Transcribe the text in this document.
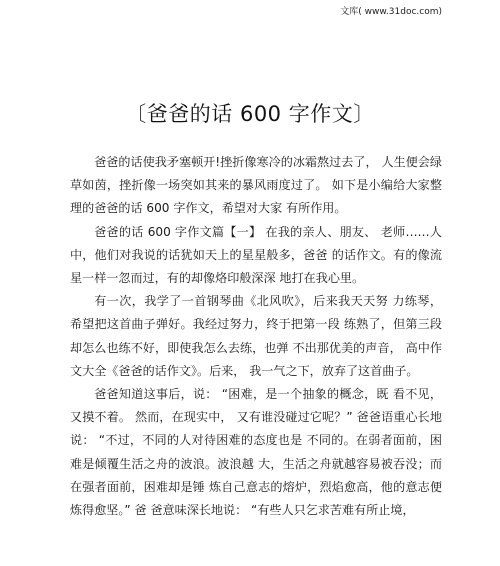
文库( www.31doc.com)
〔爸爸的话 600 字作文〕

爸爸的话使我矛塞顿开!挫折像寒冷的冰霜熬过去了， 人生便会绿草如茵，挫折像一场突如其来的暴风雨度过了。 如下是小编给大家整理的爸爸的话 600 字作文，希望对大家 有所作用。

爸爸的话 600 字作文篇【一】 在我的亲人、朋友、 老师……人中，他们对我说的话犹如天上的星星般多，爸爸 的话作文。有的像流星一样一忽而过，有的却像烙印般深深 地打在我心里。

有一次，我学了一首钢琴曲《北风吹》，后来我天天努 力练琴，希望把这首曲子弹好。我经过努力，终于把第一段 练熟了，但第三段却怎么也练不好，即使我怎么去练，也弹 不出那优美的声音， 高中作文大全《爸爸的话作文》。后来， 我一气之下，放弃了这首曲子。

爸爸知道这事后，说： “困难，是一个抽象的概念，既 看不见，又摸不着。 然而，在现实中， 又有谁没碰过它呢？” 爸爸语重心长地说： “不过，不同的人对待困难的态度也是 不同的。在弱者面前，困难是倾覆生活之舟的波浪。波浪越 大，生活之舟就越容易被吞没；而在强者面前，困难却是锤 炼自己意志的熔炉，烈焰愈高，他的意志便炼得愈坚。” 爸 爸意味深长地说： “有些人只乞求苦难有所止境，
